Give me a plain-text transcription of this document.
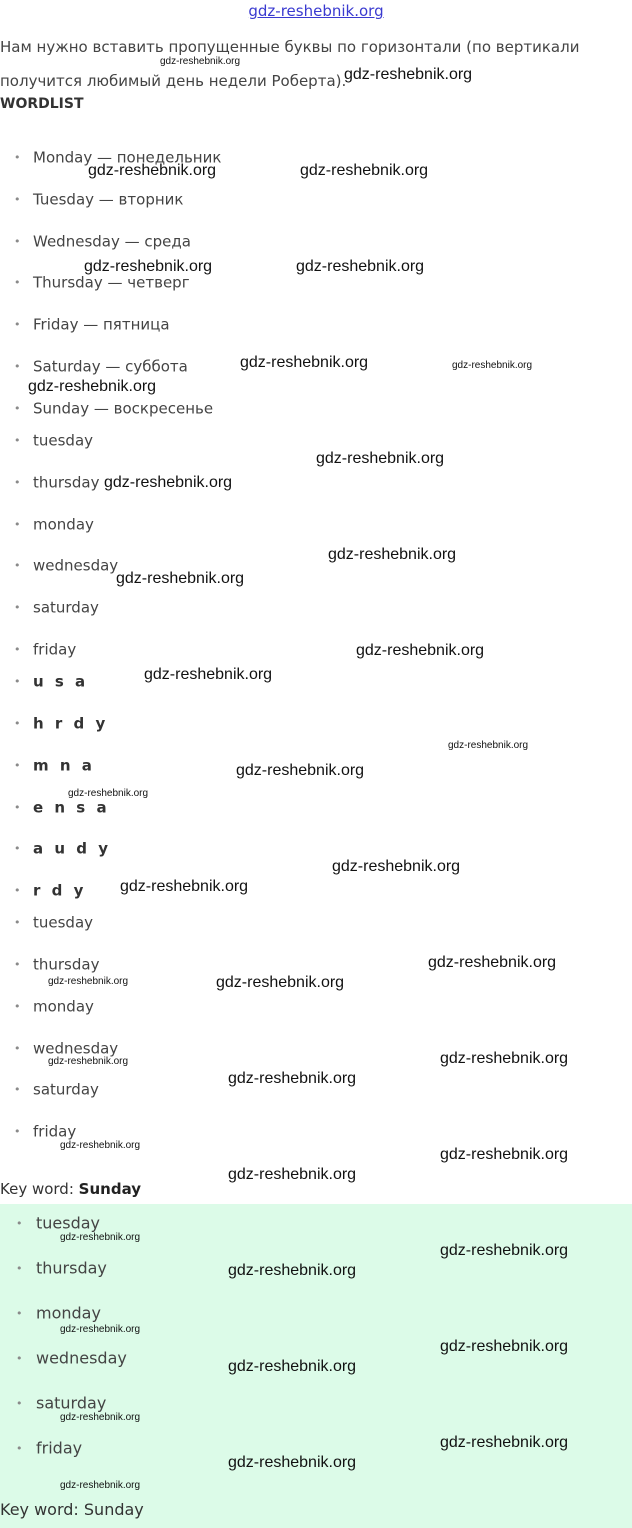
gdz-reshebnik.org
Нам нужно вставить пропущенные буквы по горизонтали (по вертикали получится любимый день недели Роберта).
WORDLIST
• Monday — понедельник
• Tuesday — вторник
• Wednesday — среда
• Thursday — четверг
• Friday — пятница
• Saturday — суббота
• Sunday — воскресенье
• tuesday
• thursday
• monday
• wednesday
• saturday
• friday
• u s a
• h r d y
• m n a
• e n s a
• a u d y
• r d y
• tuesday
• thursday
• monday
• wednesday
• saturday
• friday
Key word: Sunday
• tuesday
• thursday
• monday
• wednesday
• saturday
• friday
Key word: Sunday
gdz-reshebnik.org
gdz-reshebnik.org
gdz-reshebnik.org	gdz-reshebnik.org
gdz-reshebnik.org	gdz-reshebnik.org
gdz-reshebnik.org	gdz-reshebnik.org
gdz-reshebnik.org
gdz-reshebnik.org
gdz-reshebnik.org
gdz-reshebnik.org
gdz-reshebnik.org
gdz-reshebnik.org
gdz-reshebnik.org
gdz-reshebnik.org
gdz-reshebnik.org
gdz-reshebnik.org
gdz-reshebnik.org
gdz-reshebnik.org
gdz-reshebnik.org
gdz-reshebnik.org	gdz-reshebnik.org
gdz-reshebnik.org
gdz-reshebnik.org
gdz-reshebnik.org
gdz-reshebnik.org
gdz-reshebnik.org
gdz-reshebnik.org
gdz-reshebnik.org
gdz-reshebnik.org
gdz-reshebnik.org
gdz-reshebnik.org
gdz-reshebnik.org
gdz-reshebnik.org
gdz-reshebnik.org
gdz-reshebnik.org
gdz-reshebnik.org
gdz-reshebnik.org
